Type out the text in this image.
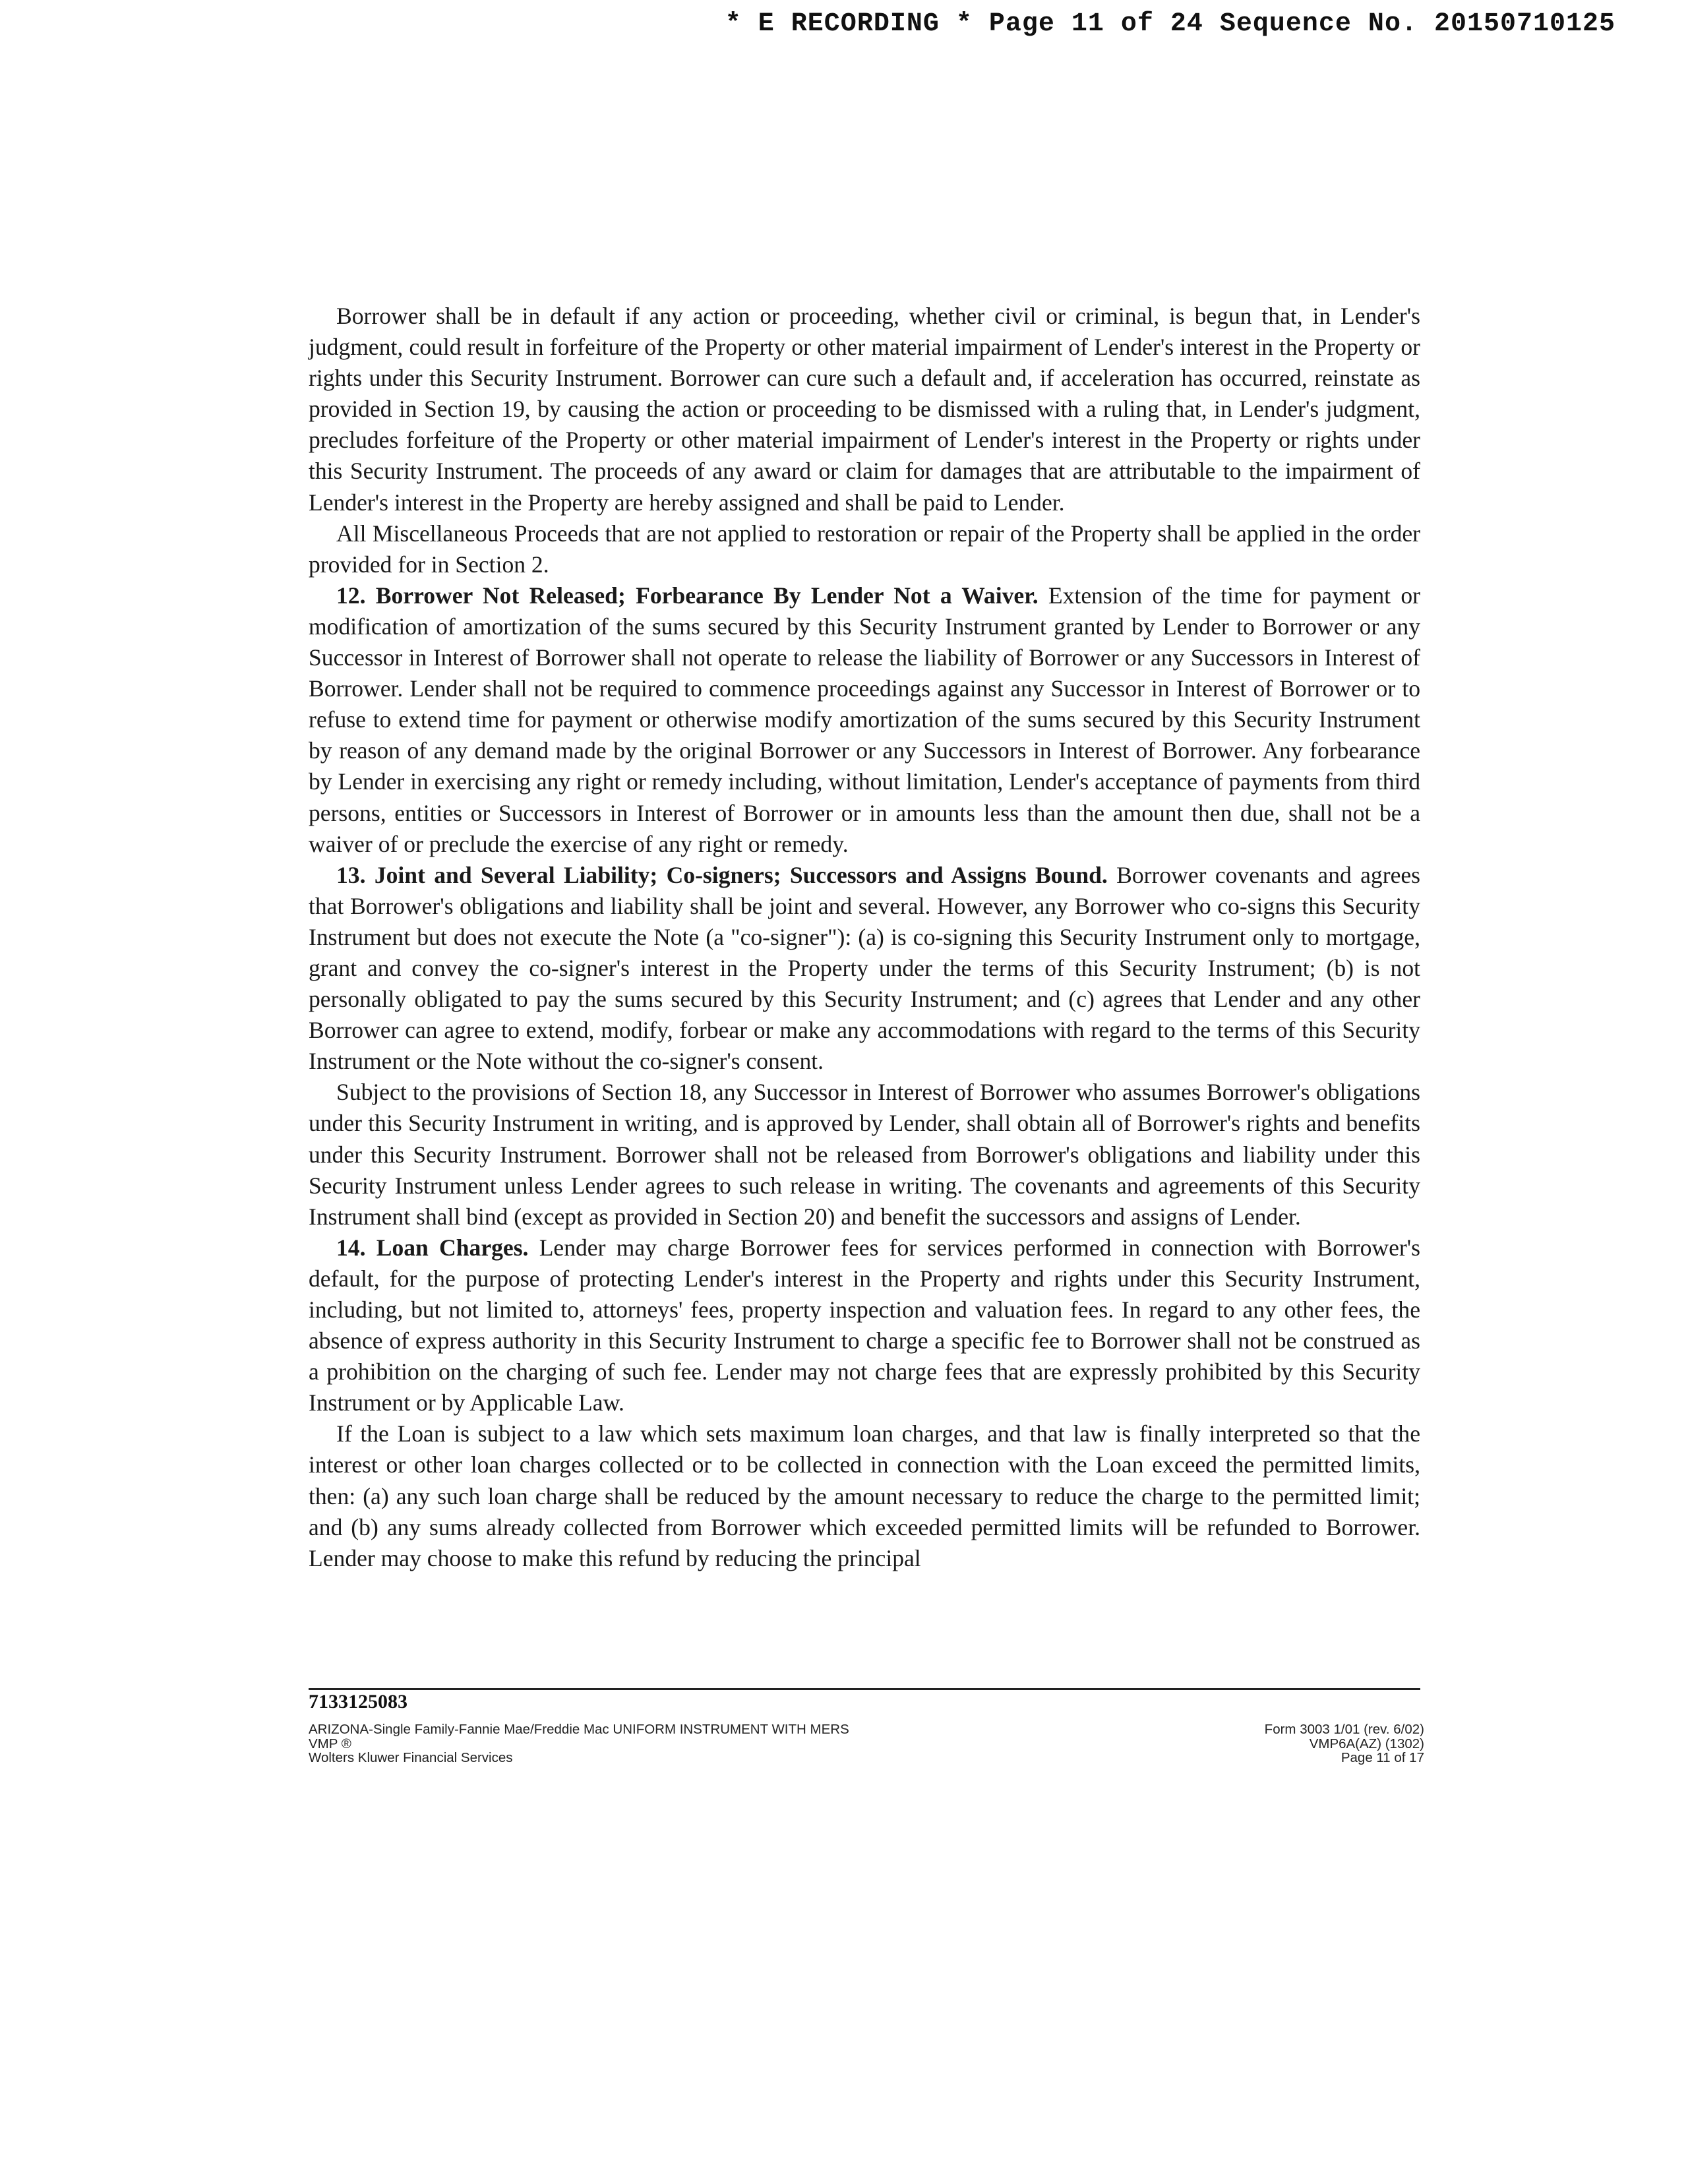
* E RECORDING * Page 11 of 24 Sequence No. 20150710125

Borrower shall be in default if any action or proceeding, whether civil or criminal, is begun that, in Lender's judgment, could result in forfeiture of the Property or other material impairment of Lender's interest in the Property or rights under this Security Instrument. Borrower can cure such a default and, if acceleration has occurred, reinstate as provided in Section 19, by causing the action or proceeding to be dismissed with a ruling that, in Lender's judgment, precludes forfeiture of the Property or other material impairment of Lender's interest in the Property or rights under this Security Instrument. The proceeds of any award or claim for damages that are attributable to the impairment of Lender's interest in the Property are hereby assigned and shall be paid to Lender.

All Miscellaneous Proceeds that are not applied to restoration or repair of the Property shall be applied in the order provided for in Section 2.

12. Borrower Not Released; Forbearance By Lender Not a Waiver. Extension of the time for payment or modification of amortization of the sums secured by this Security Instrument granted by Lender to Borrower or any Successor in Interest of Borrower shall not operate to release the liability of Borrower or any Successors in Interest of Borrower. Lender shall not be required to commence proceedings against any Successor in Interest of Borrower or to refuse to extend time for payment or otherwise modify amortization of the sums secured by this Security Instrument by reason of any demand made by the original Borrower or any Successors in Interest of Borrower. Any forbearance by Lender in exercising any right or remedy including, without limitation, Lender's acceptance of payments from third persons, entities or Successors in Interest of Borrower or in amounts less than the amount then due, shall not be a waiver of or preclude the exercise of any right or remedy.

13. Joint and Several Liability; Co-signers; Successors and Assigns Bound. Borrower covenants and agrees that Borrower's obligations and liability shall be joint and several. However, any Borrower who co-signs this Security Instrument but does not execute the Note (a "co-signer"): (a) is co-signing this Security Instrument only to mortgage, grant and convey the co-signer's interest in the Property under the terms of this Security Instrument; (b) is not personally obligated to pay the sums secured by this Security Instrument; and (c) agrees that Lender and any other Borrower can agree to extend, modify, forbear or make any accommodations with regard to the terms of this Security Instrument or the Note without the co-signer's consent.

Subject to the provisions of Section 18, any Successor in Interest of Borrower who assumes Borrower's obligations under this Security Instrument in writing, and is approved by Lender, shall obtain all of Borrower's rights and benefits under this Security Instrument. Borrower shall not be released from Borrower's obligations and liability under this Security Instrument unless Lender agrees to such release in writing. The covenants and agreements of this Security Instrument shall bind (except as provided in Section 20) and benefit the successors and assigns of Lender.

14. Loan Charges. Lender may charge Borrower fees for services performed in connection with Borrower's default, for the purpose of protecting Lender's interest in the Property and rights under this Security Instrument, including, but not limited to, attorneys' fees, property inspection and valuation fees. In regard to any other fees, the absence of express authority in this Security Instrument to charge a specific fee to Borrower shall not be construed as a prohibition on the charging of such fee. Lender may not charge fees that are expressly prohibited by this Security Instrument or by Applicable Law.

If the Loan is subject to a law which sets maximum loan charges, and that law is finally interpreted so that the interest or other loan charges collected or to be collected in connection with the Loan exceed the permitted limits, then: (a) any such loan charge shall be reduced by the amount necessary to reduce the charge to the permitted limit; and (b) any sums already collected from Borrower which exceeded permitted limits will be refunded to Borrower. Lender may choose to make this refund by reducing the principal

7133125083
ARIZONA-Single Family-Fannie Mae/Freddie Mac UNIFORM INSTRUMENT WITH MERS
VMP ®
Wolters Kluwer Financial Services
Form 3003 1/01 (rev. 6/02)
VMP6A(AZ) (1302)
Page 11 of 17
